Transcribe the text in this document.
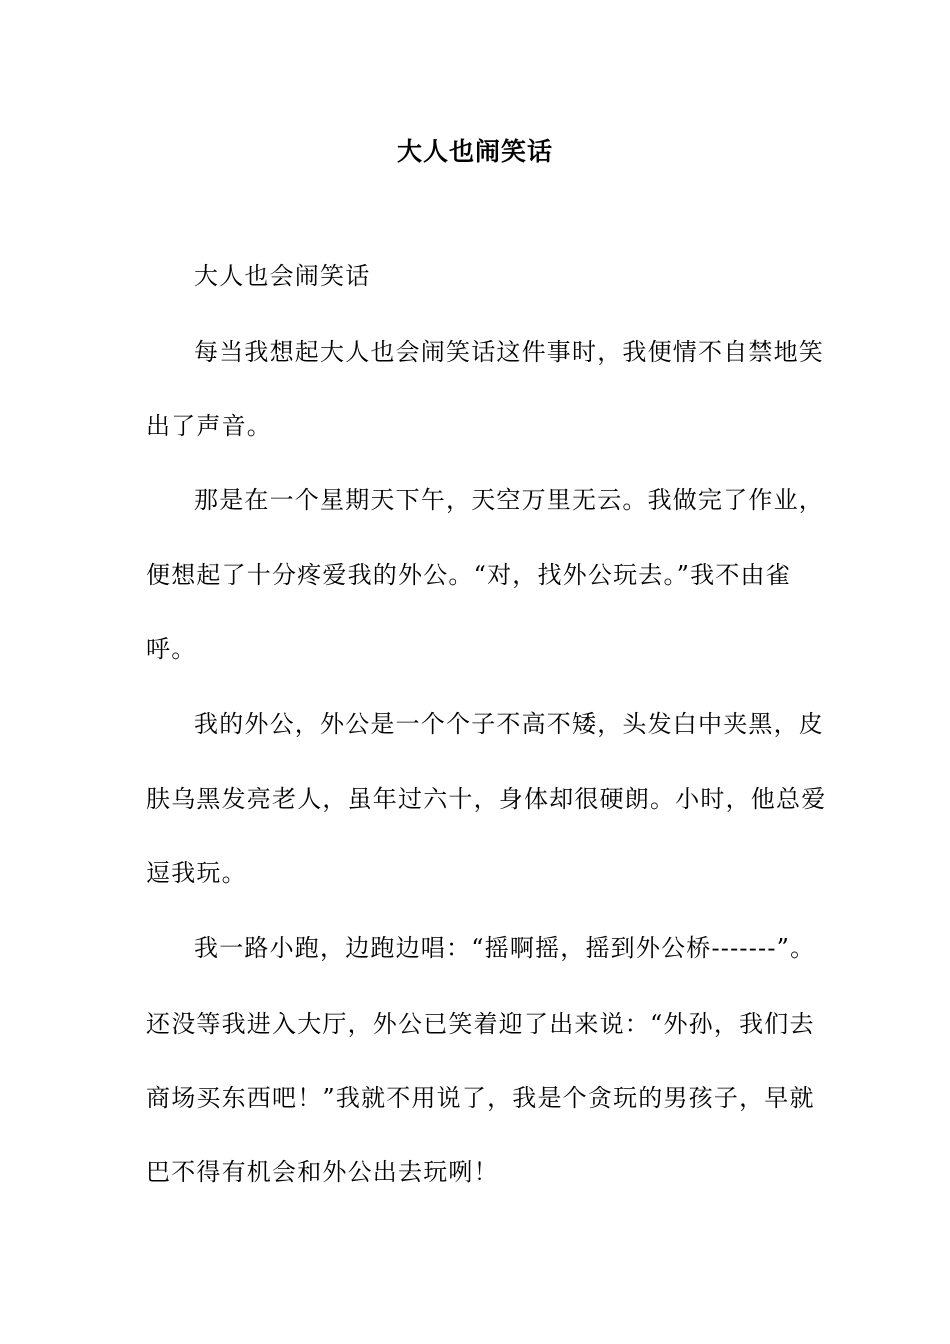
大人也闹笑话
大人也会闹笑话
每当我想起大人也会闹笑话这件事时，我便情不自禁地笑
出了声音。
那是在一个星期天下午，天空万里无云。我做完了作业，
便想起了十分疼爱我的外公。“对，找外公玩去。”我不由雀
呼。
我的外公，外公是一个个子不高不矮，头发白中夹黑，皮
肤乌黑发亮老人，虽年过六十，身体却很硬朗。小时，他总爱
逗我玩。
我一路小跑，边跑边唱：“摇啊摇，摇到外公桥-------”。
还没等我进入大厅，外公已笑着迎了出来说：“外孙，我们去
商场买东西吧！”我就不用说了，我是个贪玩的男孩子，早就
巴不得有机会和外公出去玩咧！
